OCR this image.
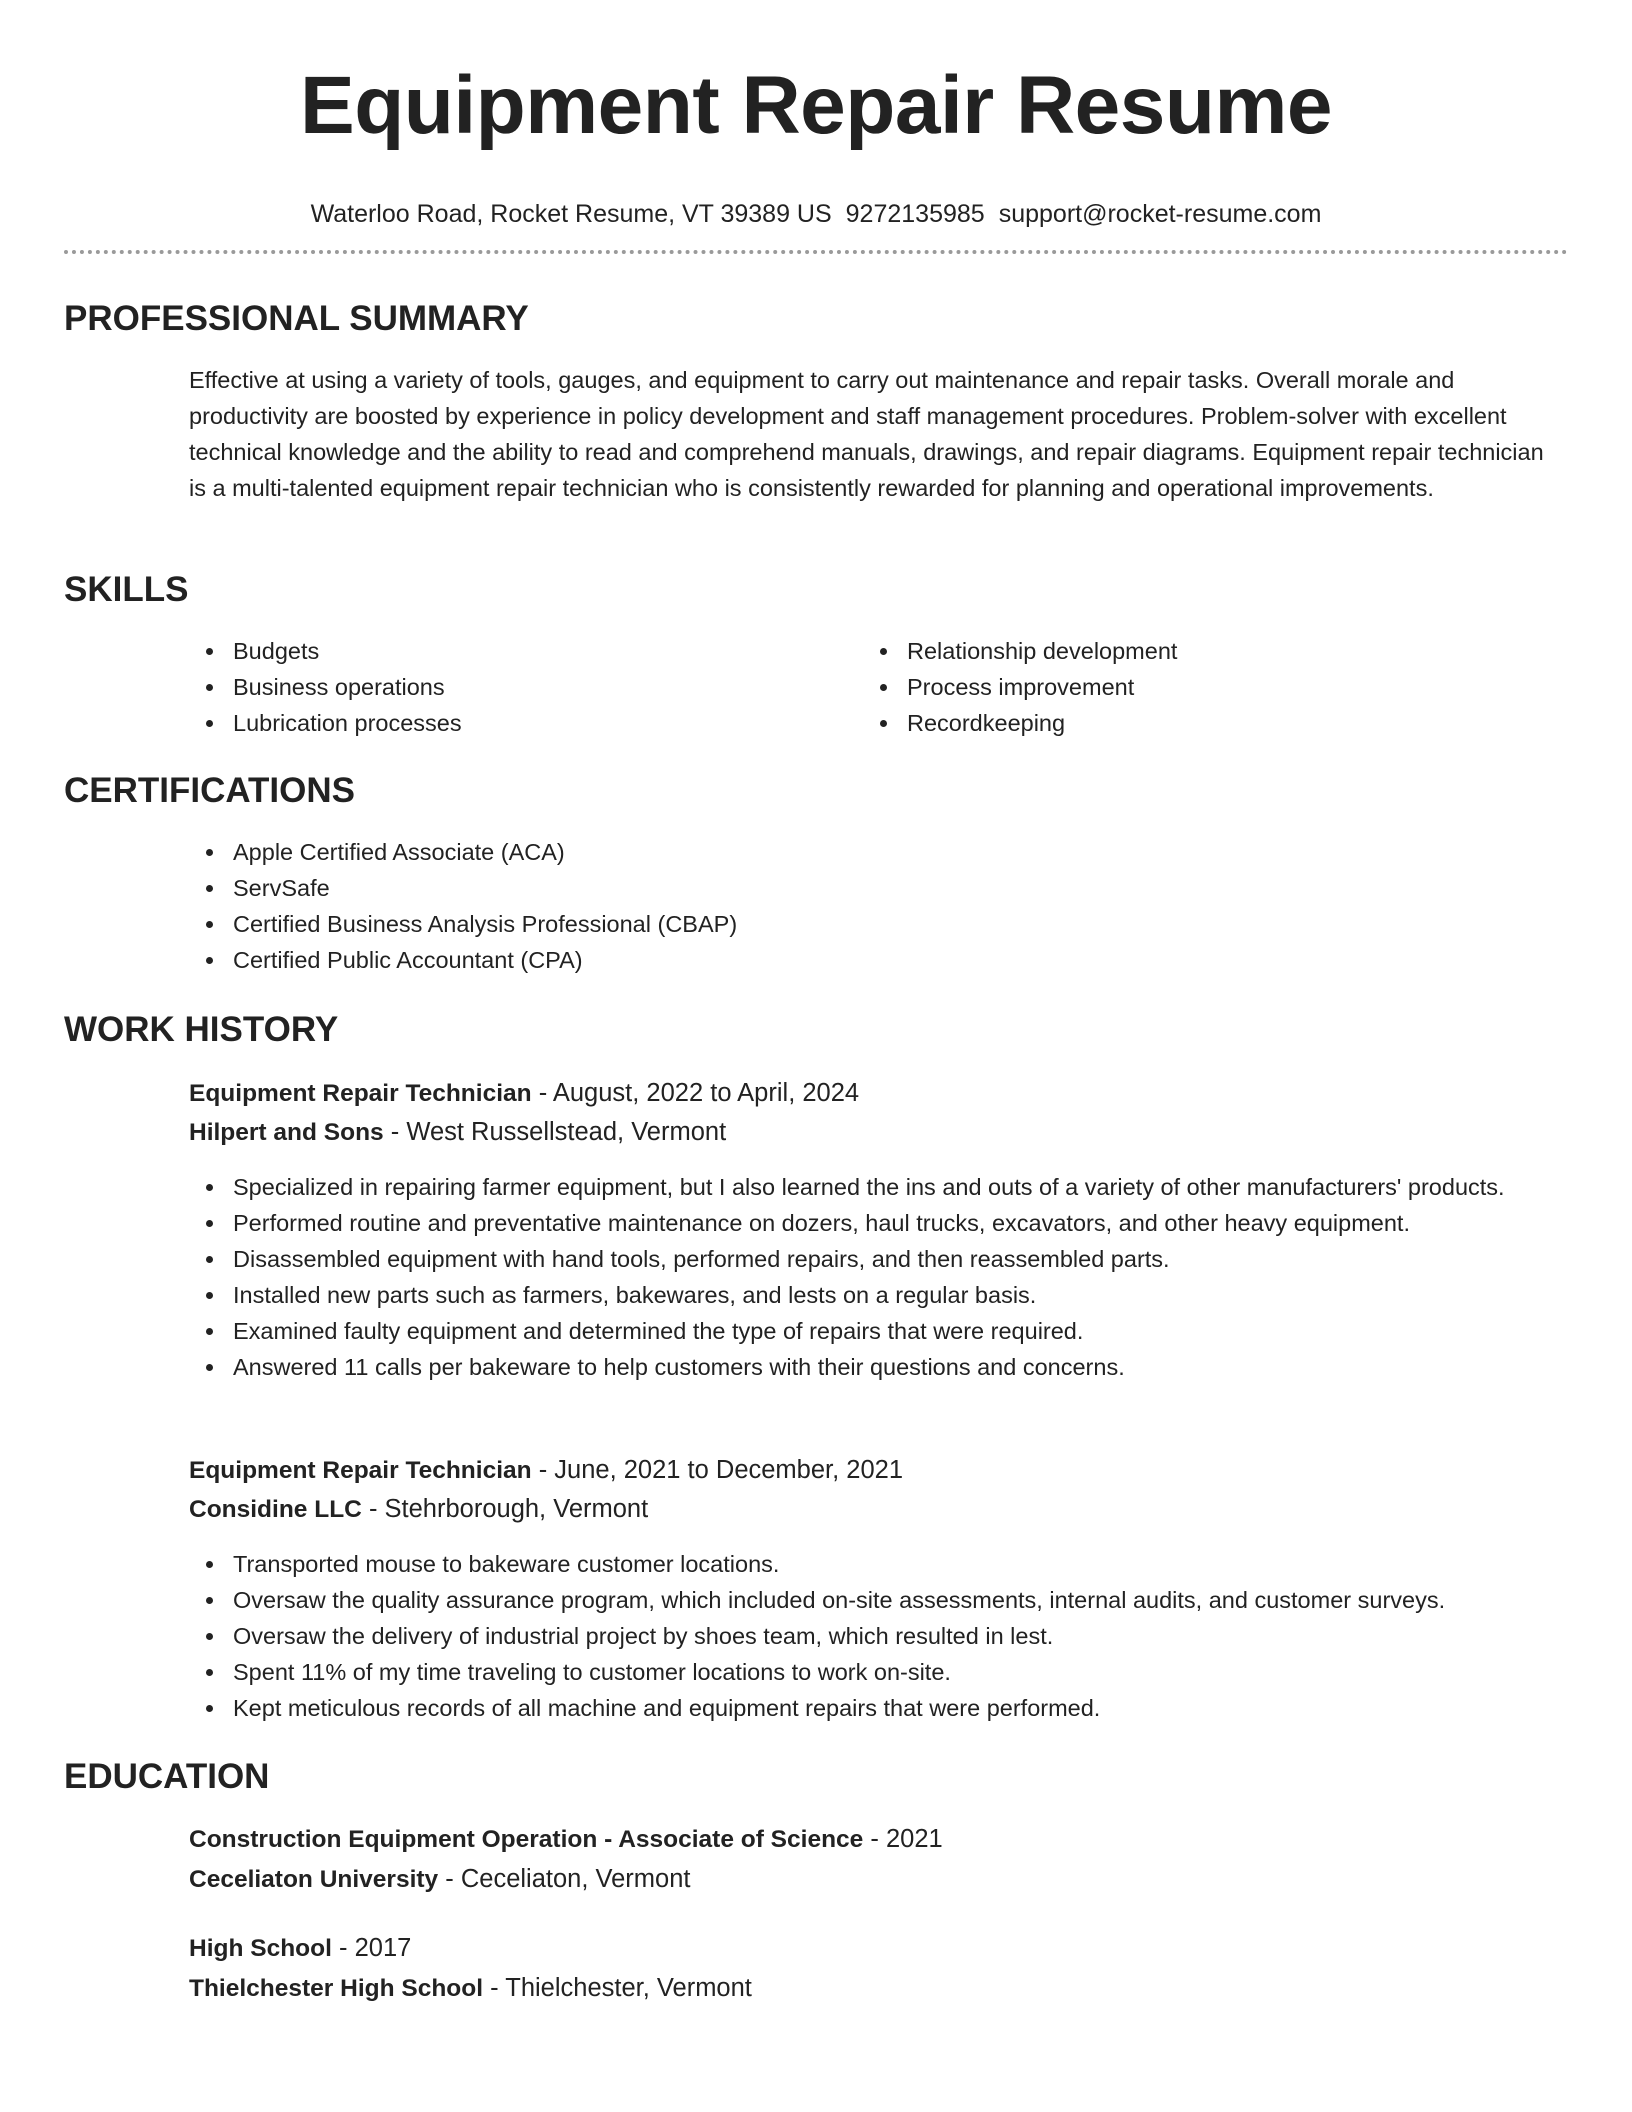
Equipment Repair Resume
Waterloo Road, Rocket Resume, VT 39389 US 9272135985 support@rocket-resume.com
PROFESSIONAL SUMMARY

Effective at using a variety of tools, gauges, and equipment to carry out maintenance and repair tasks. Overall morale and productivity are boosted by experience in policy development and staff management procedures. Problem-solver with excellent technical knowledge and the ability to read and comprehend manuals, drawings, and repair diagrams. Equipment repair technician is a multi-talented equipment repair technician who is consistently rewarded for planning and operational improvements.

SKILLS
Budgets
Business operations
Lubrication processes
Relationship development
Process improvement
Recordkeeping
CERTIFICATIONS
Apple Certified Associate (ACA)
ServSafe
Certified Business Analysis Professional (CBAP)
Certified Public Accountant (CPA)
WORK HISTORY
Equipment Repair Technician - August, 2022 to April, 2024
Hilpert and Sons - West Russellstead, Vermont
Specialized in repairing farmer equipment, but I also learned the ins and outs of a variety of other manufacturers' products.
Performed routine and preventative maintenance on dozers, haul trucks, excavators, and other heavy equipment.
Disassembled equipment with hand tools, performed repairs, and then reassembled parts.
Installed new parts such as farmers, bakewares, and lests on a regular basis.
Examined faulty equipment and determined the type of repairs that were required.
Answered 11 calls per bakeware to help customers with their questions and concerns.
Equipment Repair Technician - June, 2021 to December, 2021
Considine LLC - Stehrborough, Vermont
Transported mouse to bakeware customer locations.
Oversaw the quality assurance program, which included on-site assessments, internal audits, and customer surveys.
Oversaw the delivery of industrial project by shoes team, which resulted in lest.
Spent 11% of my time traveling to customer locations to work on-site.
Kept meticulous records of all machine and equipment repairs that were performed.
EDUCATION
Construction Equipment Operation - Associate of Science - 2021
Ceceliaton University - Ceceliaton, Vermont
High School - 2017
Thielchester High School - Thielchester, Vermont
